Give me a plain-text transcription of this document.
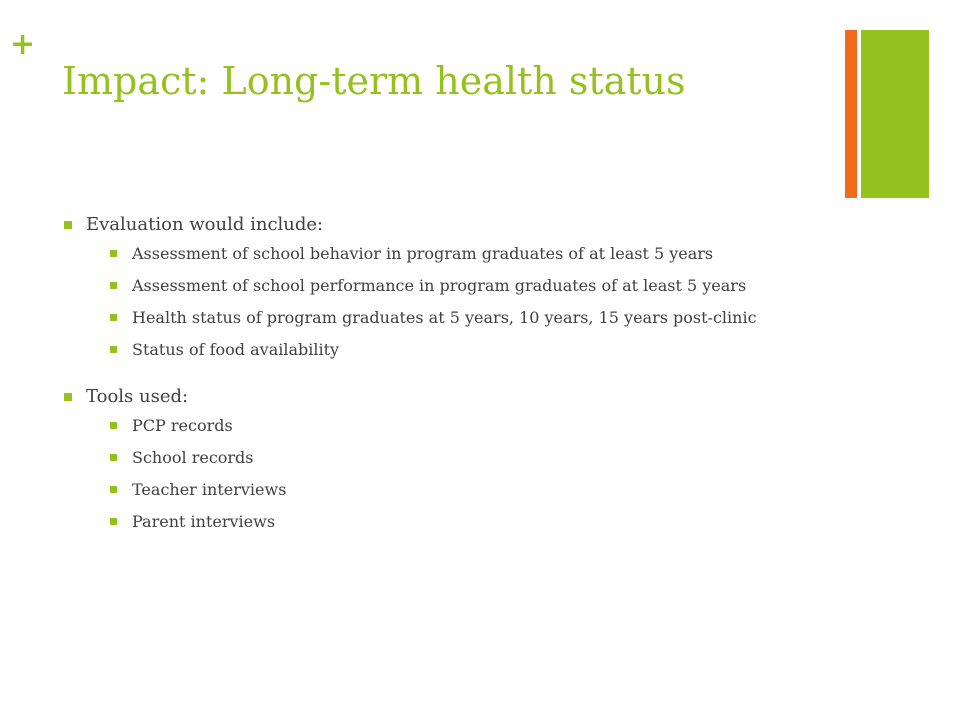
+
Impact: Long-term health status
Evaluation would include:
Assessment of school behavior in program graduates of at least 5 years
Assessment of school performance in program graduates of at least 5 years
Health status of program graduates at 5 years, 10 years, 15 years post-clinic
Status of food availability
Tools used:
PCP records
School records
Teacher interviews
Parent interviews
